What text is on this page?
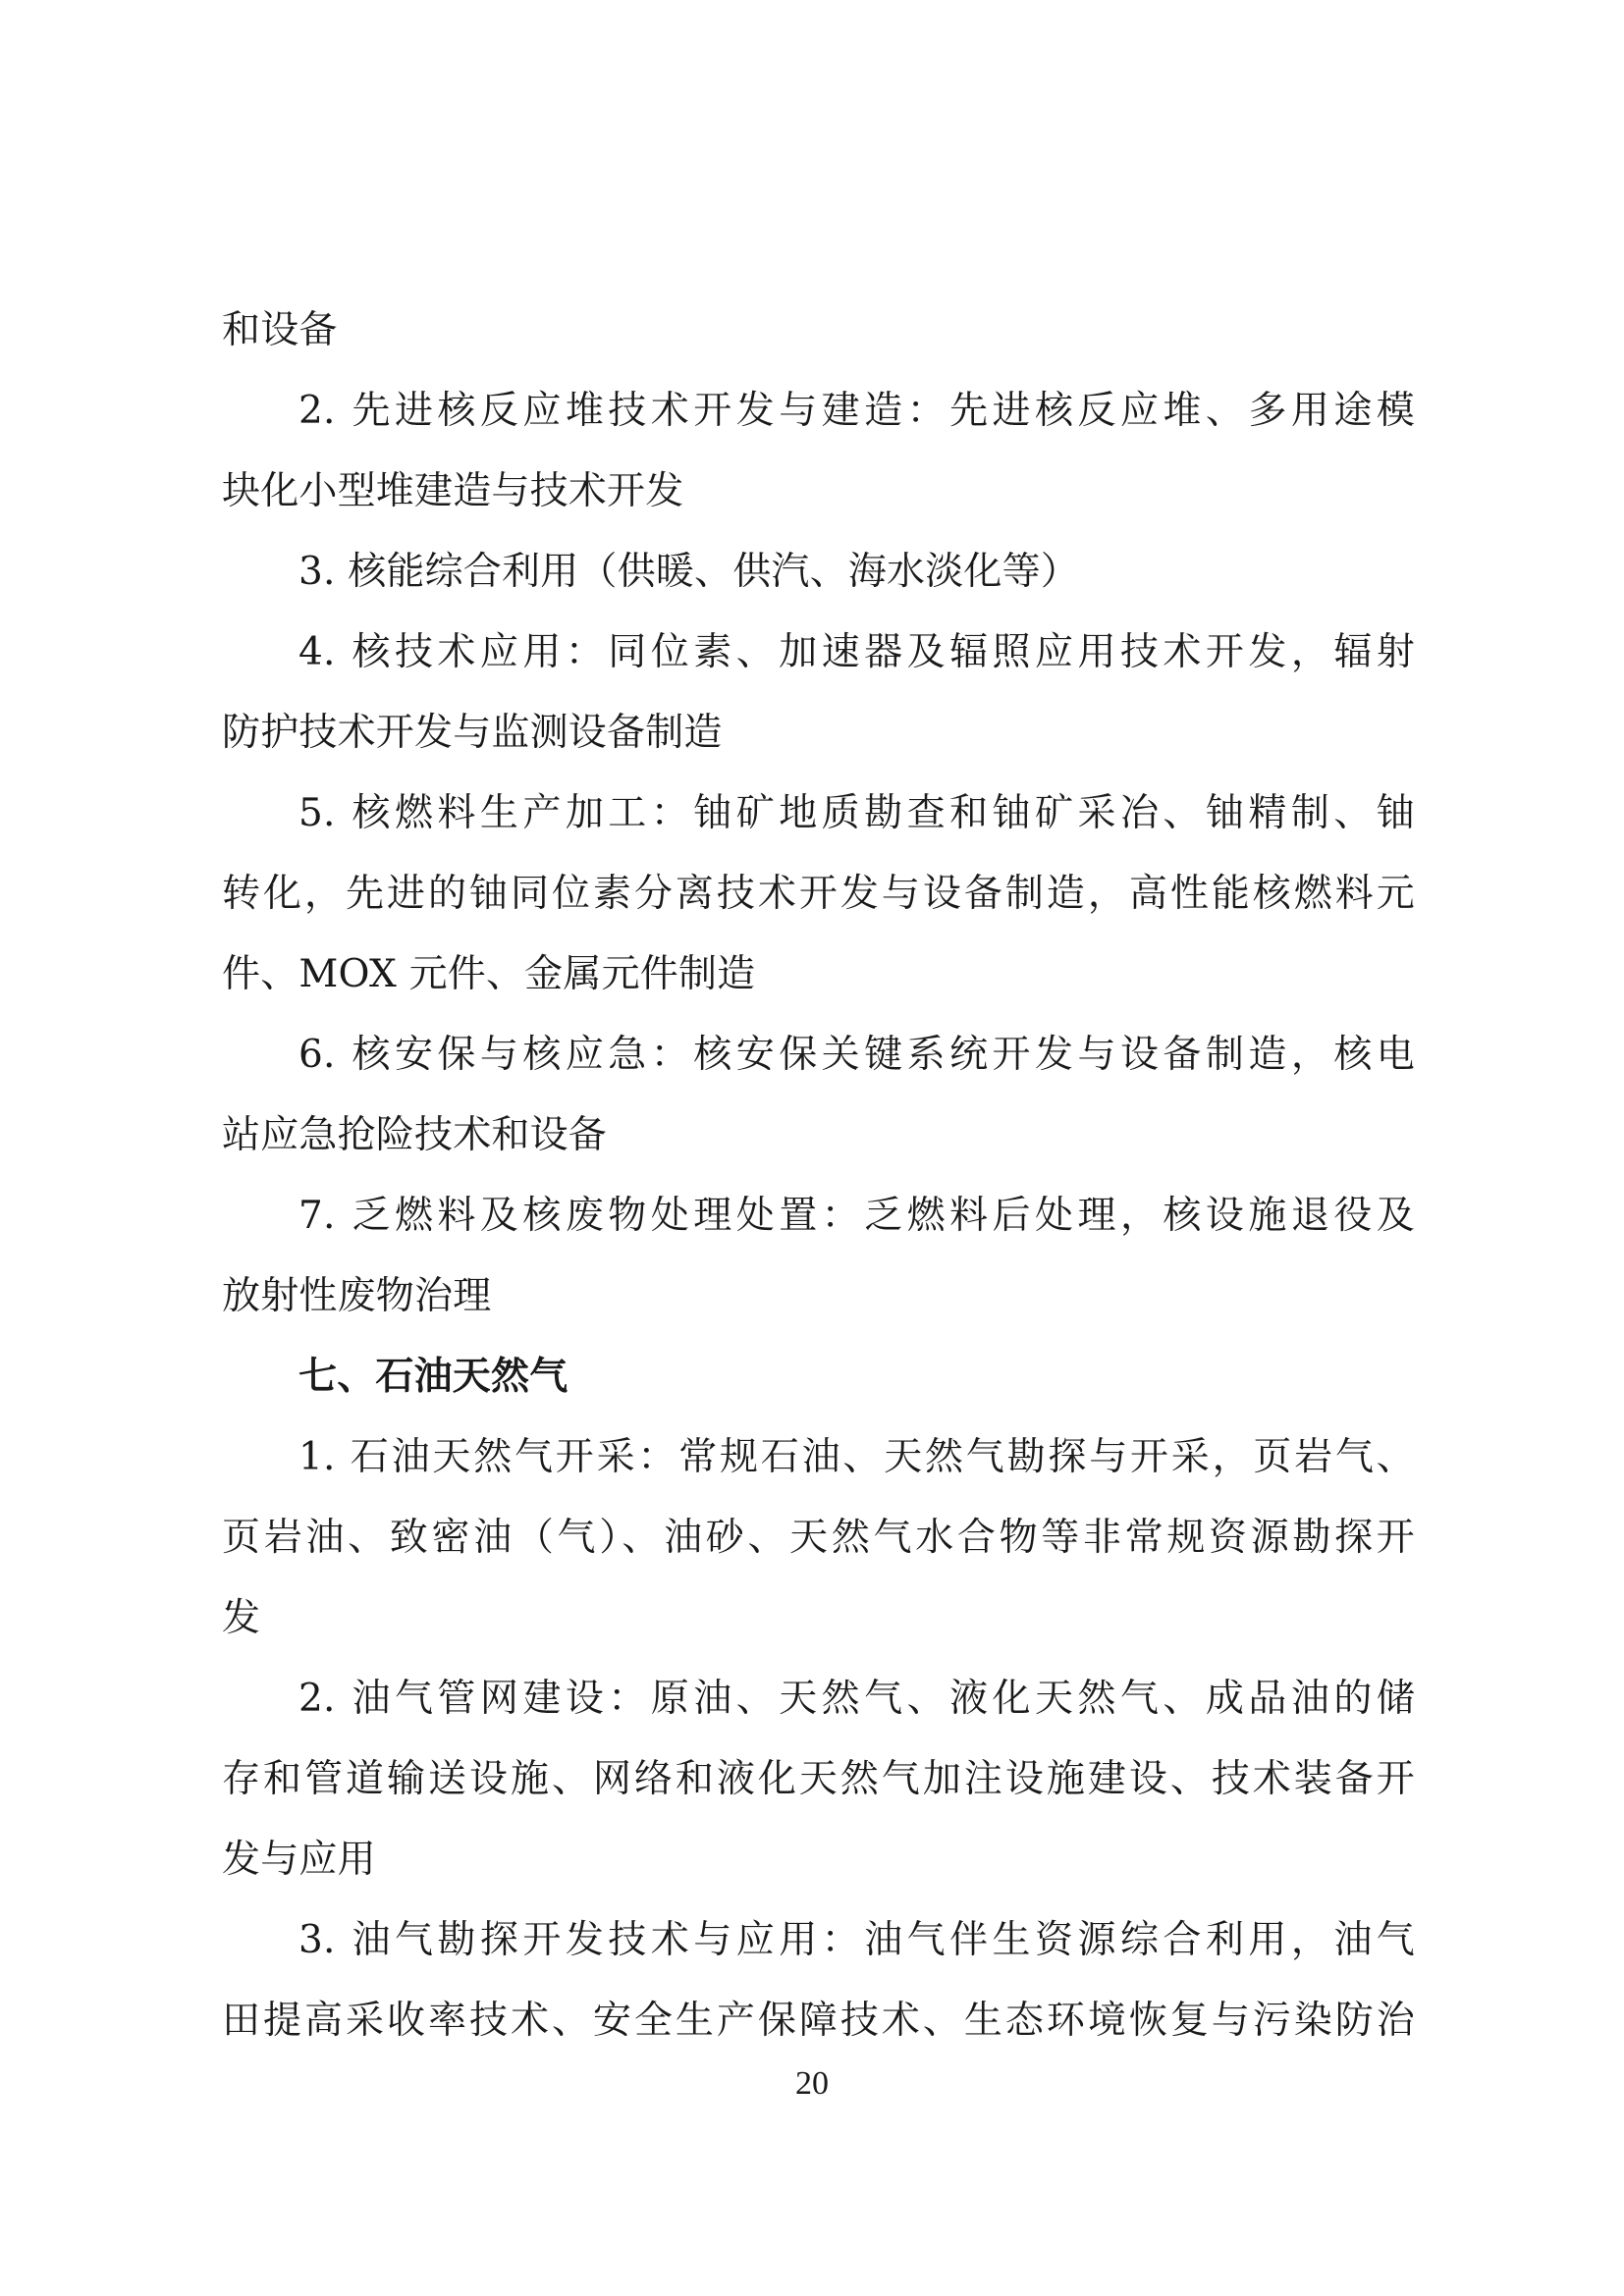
和设备
2. 先进核反应堆技术开发与建造：先进核反应堆、多用途模
块化小型堆建造与技术开发
3. 核能综合利用（供暖、供汽、海水淡化等）
4. 核技术应用：同位素、加速器及辐照应用技术开发，辐射
防护技术开发与监测设备制造
5. 核燃料生产加工：铀矿地质勘查和铀矿采冶、铀精制、铀
转化，先进的铀同位素分离技术开发与设备制造，高性能核燃料元
件、MOX 元件、金属元件制造
6. 核安保与核应急：核安保关键系统开发与设备制造，核电
站应急抢险技术和设备
7. 乏燃料及核废物处理处置：乏燃料后处理，核设施退役及
放射性废物治理
七、石油天然气
1. 石油天然气开采：常规石油、天然气勘探与开采，页岩气、
页岩油、致密油（气）、油砂、天然气水合物等非常规资源勘探开
发
2. 油气管网建设：原油、天然气、液化天然气、成品油的储
存和管道输送设施、网络和液化天然气加注设施建设、技术装备开
发与应用
3. 油气勘探开发技术与应用：油气伴生资源综合利用，油气
田提高采收率技术、安全生产保障技术、生态环境恢复与污染防治
20
